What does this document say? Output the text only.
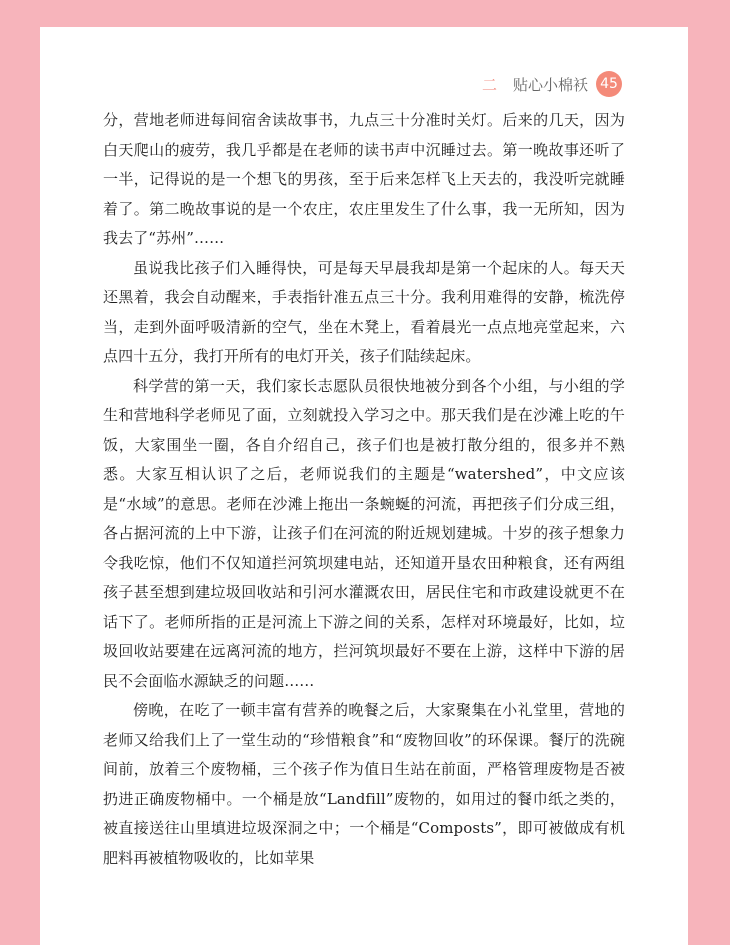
二 贴心小棉袄 45

分，营地老师进每间宿舍读故事书，九点三十分准时关灯。后来的几天，因为白天爬山的疲劳，我几乎都是在老师的读书声中沉睡过去。第一晚故事还听了一半，记得说的是一个想飞的男孩，至于后来怎样飞上天去的，我没听完就睡着了。第二晚故事说的是一个农庄，农庄里发生了什么事，我一无所知，因为我去了“苏州”……

虽说我比孩子们入睡得快，可是每天早晨我却是第一个起床的人。每天天还黑着，我会自动醒来，手表指针准五点三十分。我利用难得的安静，梳洗停当，走到外面呼吸清新的空气，坐在木凳上，看着晨光一点点地亮堂起来，六点四十五分，我打开所有的电灯开关，孩子们陆续起床。

科学营的第一天，我们家长志愿队员很快地被分到各个小组，与小组的学生和营地科学老师见了面，立刻就投入学习之中。那天我们是在沙滩上吃的午饭，大家围坐一圈，各自介绍自己，孩子们也是被打散分组的，很多并不熟悉。大家互相认识了之后，老师说我们的主题是“watershed”，中文应该是“水域”的意思。老师在沙滩上拖出一条蜿蜒的河流，再把孩子们分成三组，各占据河流的上中下游，让孩子们在河流的附近规划建城。十岁的孩子想象力令我吃惊，他们不仅知道拦河筑坝建电站，还知道开垦农田种粮食，还有两组孩子甚至想到建垃圾回收站和引河水灌溉农田，居民住宅和市政建设就更不在话下了。老师所指的正是河流上下游之间的关系，怎样对环境最好，比如，垃圾回收站要建在远离河流的地方，拦河筑坝最好不要在上游，这样中下游的居民不会面临水源缺乏的问题……

傍晚，在吃了一顿丰富有营养的晚餐之后，大家聚集在小礼堂里，营地的老师又给我们上了一堂生动的“珍惜粮食”和“废物回收”的环保课。餐厅的洗碗间前，放着三个废物桶，三个孩子作为值日生站在前面，严格管理废物是否被扔进正确废物桶中。一个桶是放“Landfill”废物的，如用过的餐巾纸之类的，被直接送往山里填进垃圾深洞之中；一个桶是“Composts”，即可被做成有机肥料再被植物吸收的，比如苹果
